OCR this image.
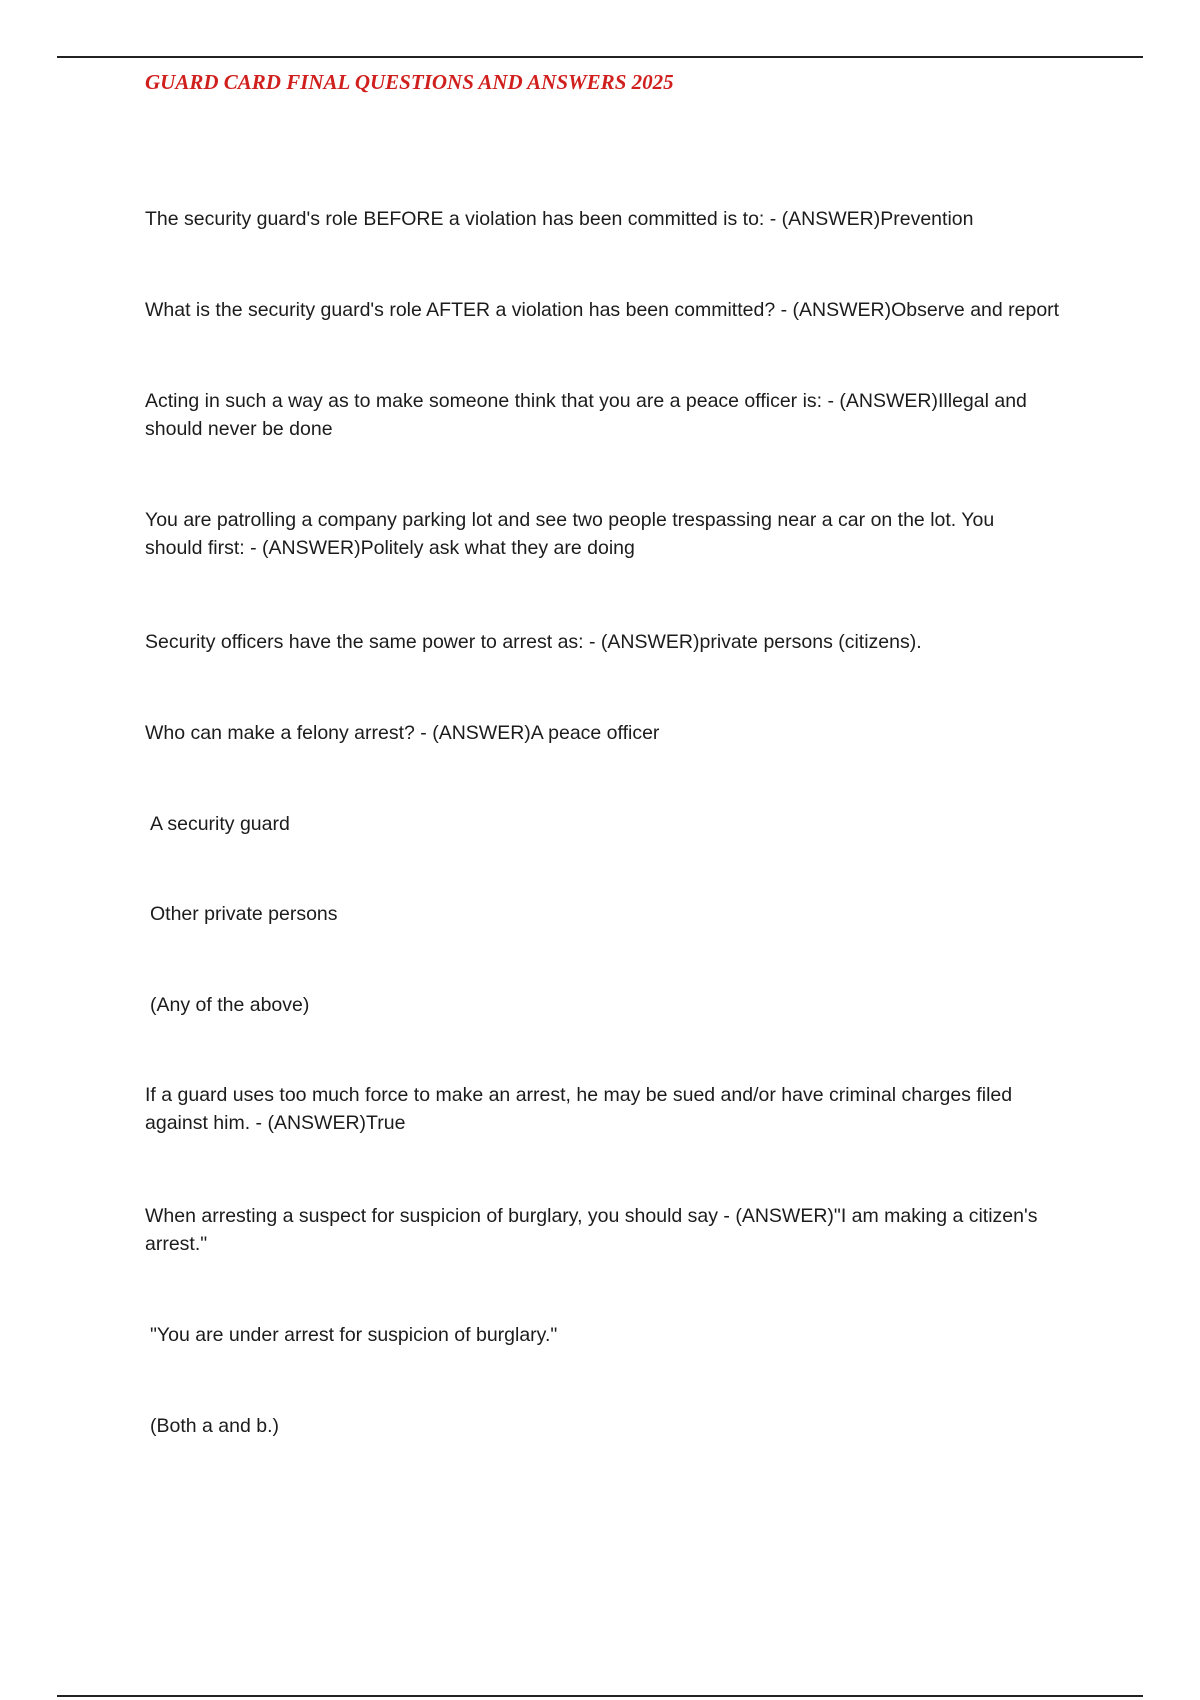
GUARD CARD FINAL QUESTIONS AND ANSWERS 2025
The security guard's role BEFORE a violation has been committed is to: - (ANSWER)Prevention
What is the security guard's role AFTER a violation has been committed? - (ANSWER)Observe and report
Acting in such a way as to make someone think that you are a peace officer is: - (ANSWER)Illegal and
should never be done
You are patrolling a company parking lot and see two people trespassing near a car on the lot. You
should first: - (ANSWER)Politely ask what they are doing
Security officers have the same power to arrest as: - (ANSWER)private persons (citizens).
Who can make a felony arrest? - (ANSWER)A peace officer
A security guard
Other private persons
(Any of the above)
If a guard uses too much force to make an arrest, he may be sued and/or have criminal charges filed
against him. - (ANSWER)True
When arresting a suspect for suspicion of burglary, you should say - (ANSWER)"I am making a citizen's
arrest."
"You are under arrest for suspicion of burglary."
(Both a and b.)
